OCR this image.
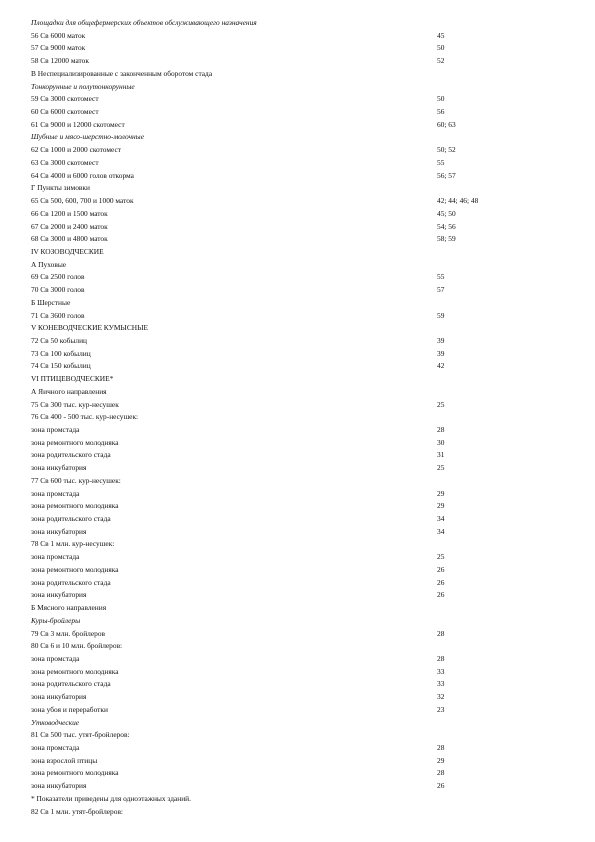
Площадки для общефермерских объектов обслуживающего назначения
56 Св 6000 маток	45
57 Св 9000 маток	50
58 Св 12000 маток	52
В Неспециализированные с законченным оборотом стада
Тонкорунные и полутонкорунные
59 Св 3000 скотомест	50
60 Св 6000 скотомест	56
61 Св 9000 и 12000 скотомест	60; 63
Шубные и мясо-шерстно-молочные
62 Св 1000 и 2000 скотомест	50; 52
63 Св 3000 скотомест	55
64 Св 4000 и 6000 голов откорма	56; 57
Г Пункты зимовки
65 Св 500, 600, 700 и 1000 маток	42; 44; 46; 48
66 Св 1200 и 1500 маток	45; 50
67 Св 2000 и 2400 маток	54; 56
68 Св 3000 и 4800 маток	58; 59
IV КОЗОВОДЧЕСКИЕ
А Пуховые
69 Св 2500 голов	55
70 Св 3000 голов	57
Б Шерстные
71 Св 3600 голов	59
V КОНЕВОДЧЕСКИЕ КУМЫСНЫЕ
72 Св 50 кобылиц	39
73 Св 100 кобылиц	39
74 Св 150 кобылиц	42
VI ПТИЦЕВОДЧЕСКИЕ*
А Яичного направления
75 Св 300 тыс. кур-несушек	25
76 Св 400 - 500 тыс. кур-несушек:
зона промстада	28
зона ремонтного молодняка	30
зона родительского стада	31
зона инкубатория	25
77 Св 600 тыс. кур-несушек:
зона промстада	29
зона ремонтного молодняка	29
зона родительского стада	34
зона инкубатория	34
78 Св 1 млн. кур-несушек:
зона промстада	25
зона ремонтного молодняка	26
зона родительского стада	26
зона инкубатория	26
Б Мясного направления
Куры-бройлеры
79 Св 3 млн. бройлеров	28
80 Св 6 и 10 млн. бройлеров:
зона промстада	28
зона ремонтного молодняка	33
зона родительского стада	33
зона инкубатория	32
зона убоя и переработки	23
Утководческие
81 Св 500 тыс. утят-бройлеров:
зона промстада	28
зона взрослой птицы	29
зона ремонтного молодняка	28
зона инкубатория	26
* Показатели приведены для одноэтажных зданий.
82 Св 1 млн. утят-бройлеров:
